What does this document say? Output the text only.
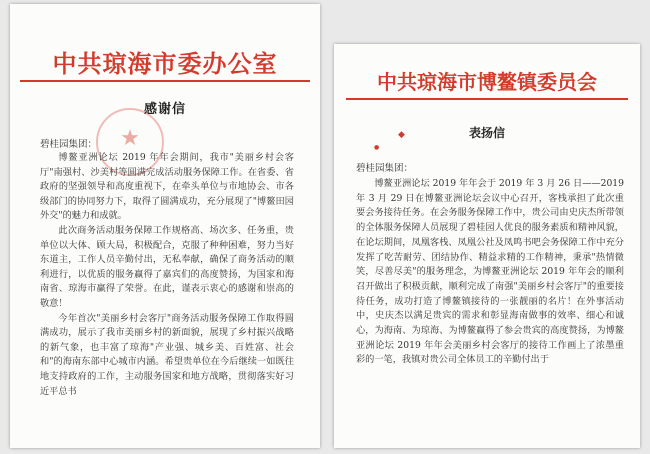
中共琼海市委办公室
★
感谢信
碧桂园集团：

博鳌亚洲论坛 2019 年年会期间，我市"美丽乡村会客厅"南强村、沙美村等圆满完成活动服务保障工作。在省委、省政府的坚强领导和高度重视下，在牵头单位与市地协会、市各级部门的协同努力下，取得了圆满成功，充分展现了"博鳌田园外交"的魅力和成就。

此次商务活动服务保障工作规格高、场次多、任务重，贵单位以大体、顾大局，积极配合，克服了种种困难，努力当好东道主，工作人员辛勤付出，无私奉献，确保了商务活动的顺利进行，以优质的服务赢得了嘉宾们的高度赞扬，为国家和海南省、琼海市赢得了荣誉。在此，谨表示衷心的感谢和崇高的敬意！

今年首次"美丽乡村会客厅"商务活动服务保障工作取得圆满成功，展示了我市美丽乡村的新面貌，展现了乡村振兴战略的新气象，也丰富了琼海"产业强、城乡美、百姓富、社会和"的海南东部中心城市内涵。希望贵单位在今后继续一如既往地支持政府的工作，主动服务国家和地方战略，贯彻落实好习近平总书

中共琼海市博鳌镇委员会
◆
●
表扬信
碧桂园集团：

博鳌亚洲论坛 2019 年年会于 2019 年 3 月 26 日——2019 年 3 月 29 日在博鳌亚洲论坛会议中心召开，客栈承担了此次重要会务接待任务。在会务服务保障工作中，贵公司由史庆杰所带领的全体服务保障人员展现了碧桂园人优良的服务素质和精神风貌，在论坛期间，凤凰客栈、凤凰公社及凤鸣书吧会务保障工作中充分发挥了吃苦耐劳、团结协作、精益求精的工作精神，秉承"热情微笑，尽善尽美"的服务理念，为博鳌亚洲论坛 2019 年年会的顺利召开做出了积极贡献，顺利完成了南强"美丽乡村会客厅"的重要接待任务，成功打造了博鳌镇接待的一张靓丽的名片！在外事活动中，史庆杰以满足贵宾的需求和彰显海南做事的效率、细心和诚心，为海南、为琼海、为博鳌赢得了参会贵宾的高度赞扬，为博鳌亚洲论坛 2019 年年会美丽乡村会客厅的接待工作画上了浓墨重彩的一笔，我镇对贵公司全体员工的辛勤付出于
